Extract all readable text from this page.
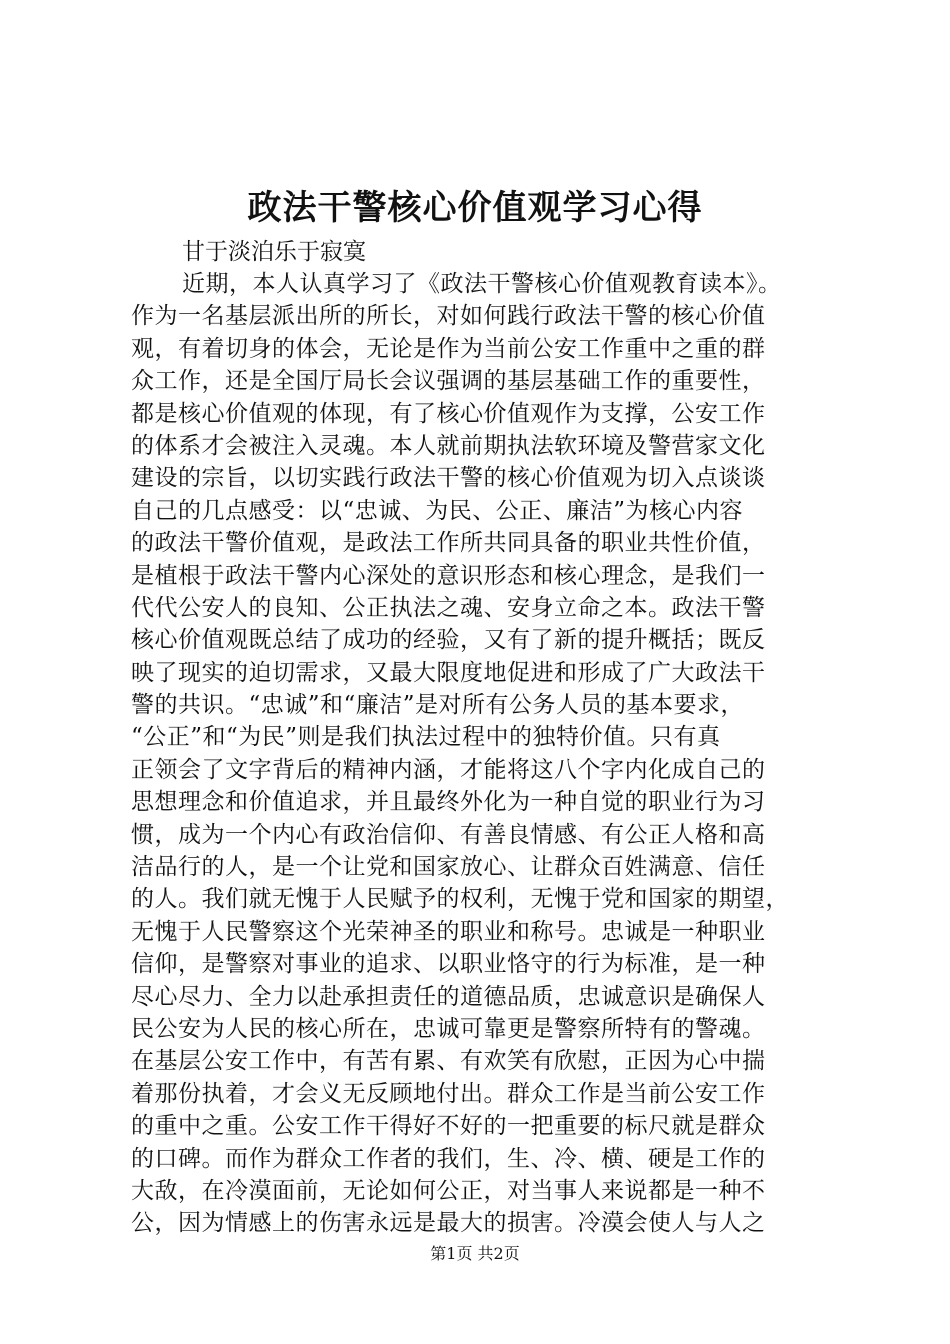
政法干警核心价值观学习心得

甘于淡泊乐于寂寞

近期，本人认真学习了《政法干警核心价值观教育读本》。
作为一名基层派出所的所长，对如何践行政法干警的核心价值
观，有着切身的体会，无论是作为当前公安工作重中之重的群
众工作，还是全国厅局长会议强调的基层基础工作的重要性，
都是核心价值观的体现，有了核心价值观作为支撑，公安工作
的体系才会被注入灵魂。本人就前期执法软环境及警营家文化
建设的宗旨，以切实践行政法干警的核心价值观为切入点谈谈
自己的几点感受：以“忠诚、为民、公正、廉洁”为核心内容
的政法干警价值观，是政法工作所共同具备的职业共性价值，
是植根于政法干警内心深处的意识形态和核心理念，是我们一
代代公安人的良知、公正执法之魂、安身立命之本。政法干警
核心价值观既总结了成功的经验，又有了新的提升概括；既反
映了现实的迫切需求，又最大限度地促进和形成了广大政法干
警的共识。“忠诚”和“廉洁”是对所有公务人员的基本要求，
“公正”和“为民”则是我们执法过程中的独特价值。只有真
正领会了文字背后的精神内涵，才能将这八个字内化成自己的
思想理念和价值追求，并且最终外化为一种自觉的职业行为习
惯，成为一个内心有政治信仰、有善良情感、有公正人格和高
洁品行的人，是一个让党和国家放心、让群众百姓满意、信任
的人。我们就无愧于人民赋予的权利，无愧于党和国家的期望，
无愧于人民警察这个光荣神圣的职业和称号。忠诚是一种职业
信仰，是警察对事业的追求、以职业恪守的行为标准，是一种
尽心尽力、全力以赴承担责任的道德品质，忠诚意识是确保人
民公安为人民的核心所在，忠诚可靠更是警察所特有的警魂。
在基层公安工作中，有苦有累、有欢笑有欣慰，正因为心中揣
着那份执着，才会义无反顾地付出。群众工作是当前公安工作
的重中之重。公安工作干得好不好的一把重要的标尺就是群众
的口碑。而作为群众工作者的我们，生、冷、横、硬是工作的
大敌，在冷漠面前，无论如何公正，对当事人来说都是一种不
公，因为情感上的伤害永远是最大的损害。冷漠会使人与人之
第1页 共2页
